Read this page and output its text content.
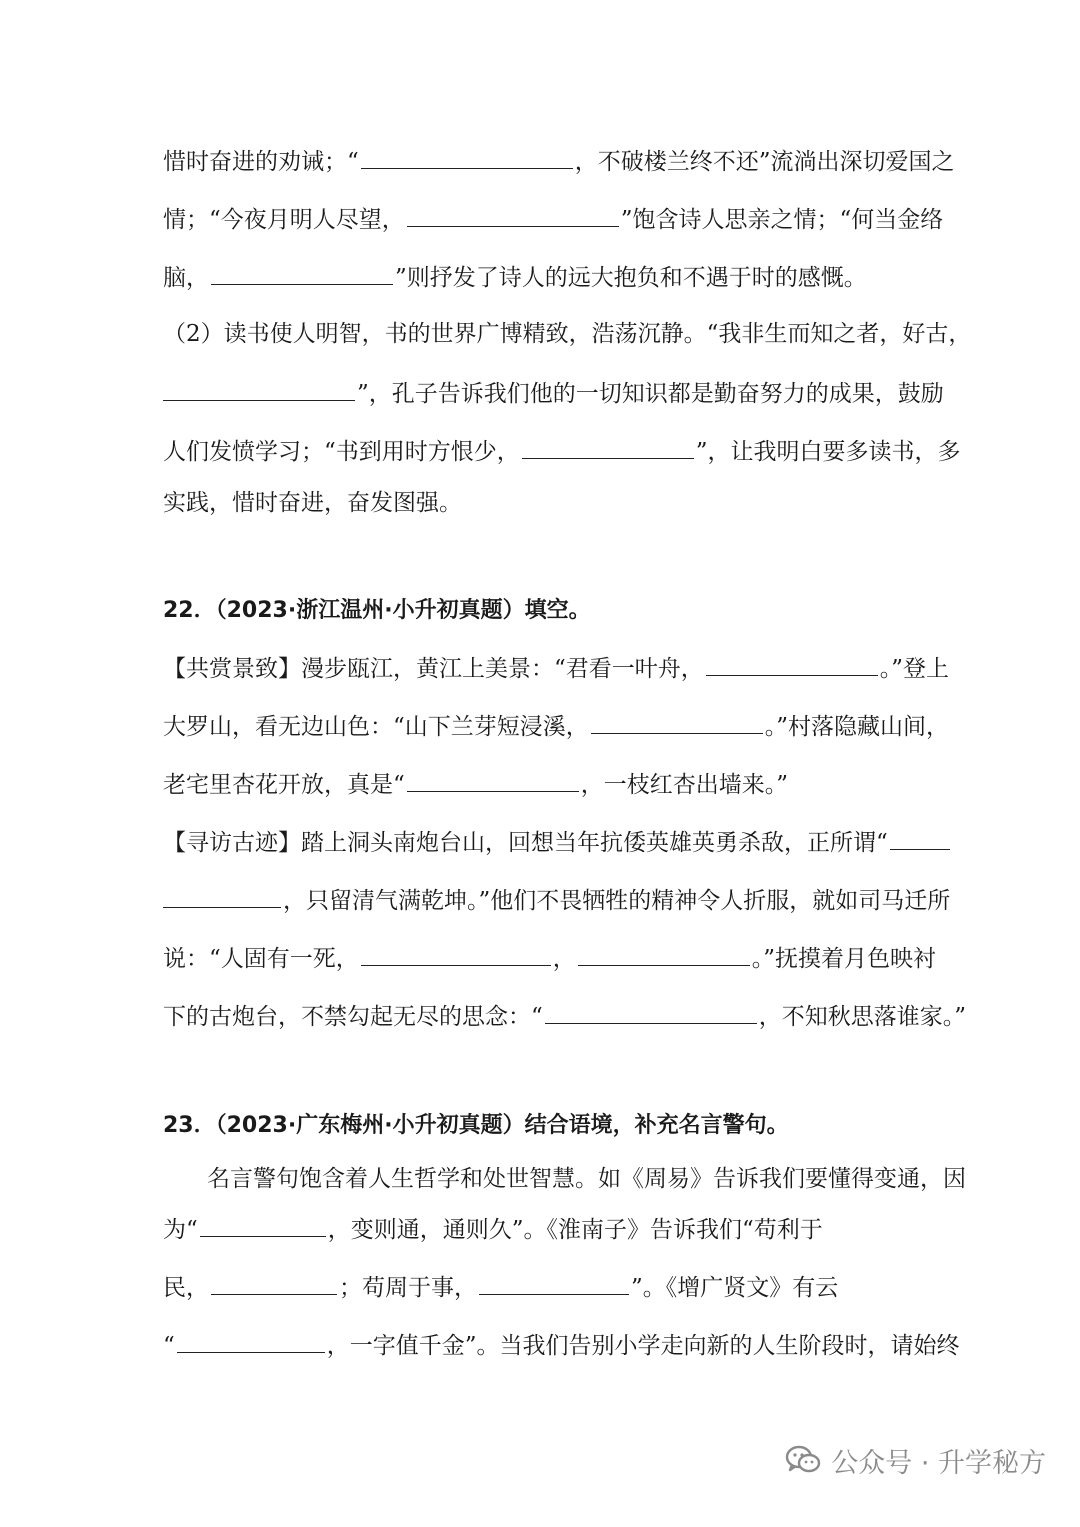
惜时奋进的劝诫；“	，不破楼兰终不还”流淌出深切爱国之
情；“今夜月明人尽望，	”饱含诗人思亲之情；“何当金络
脑，	”则抒发了诗人的远大抱负和不遇于时的感慨。
（2）读书使人明智，书的世界广博精致，浩荡沉静。“我非生而知之者，好古，
”，孔子告诉我们他的一切知识都是勤奋努力的成果，鼓励
人们发愤学习；“书到用时方恨少，	”，让我明白要多读书，多
实践，惜时奋进，奋发图强。
22．（2023·浙江温州·小升初真题）填空。
【共赏景致】漫步瓯江，黄江上美景：“君看一叶舟，	。”登上
大罗山，看无边山色：“山下兰芽短浸溪，	。”村落隐藏山间，
老宅里杏花开放，真是“	，一枝红杏出墙来。”
【寻访古迹】踏上洞头南炮台山，回想当年抗倭英雄英勇杀敌，正所谓“
，只留清气满乾坤。”他们不畏牺牲的精神令人折服，就如司马迁所
说：“人固有一死，	，	。”抚摸着月色映衬
下的古炮台，不禁勾起无尽的思念：“	，不知秋思落谁家。”
23．（2023·广东梅州·小升初真题）结合语境，补充名言警句。
名言警句饱含着人生哲学和处世智慧。如《周易》告诉我们要懂得变通，因
为“	，变则通，通则久”。《淮南子》告诉我们“苟利于
民，	；苟周于事，	”。《增广贤文》有云
“	，一字值千金”。当我们告别小学走向新的人生阶段时，请始终
公众号 · 升学秘方
